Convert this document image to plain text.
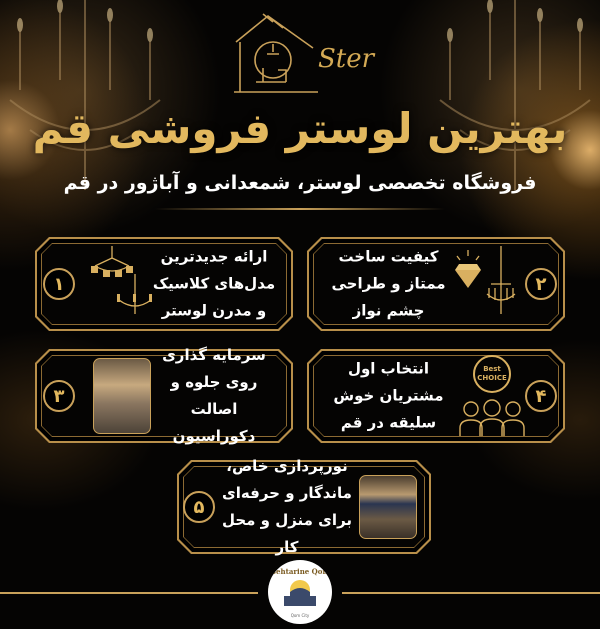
Ster
بهترین لوستر فروشی قم
فروشگاه تخصصی لوستر، شمعدانی و آباژور در قم
۱
ارائه جدیدترین مدل‌های کلاسیک و مدرن لوستر
۲
کیفیت ساخت ممتاز و طراحی چشم نواز
۳
سرمایه گذاری روی جلوه و اصالت دکوراسیون
۴
Best CHOICE
انتخاب اول مشتریان خوش سلیقه در قم
۵
نورپردازی خاص، ماندگار و حرفه‌ای برای منزل و محل کار
Behtarine Qom
Qom City
